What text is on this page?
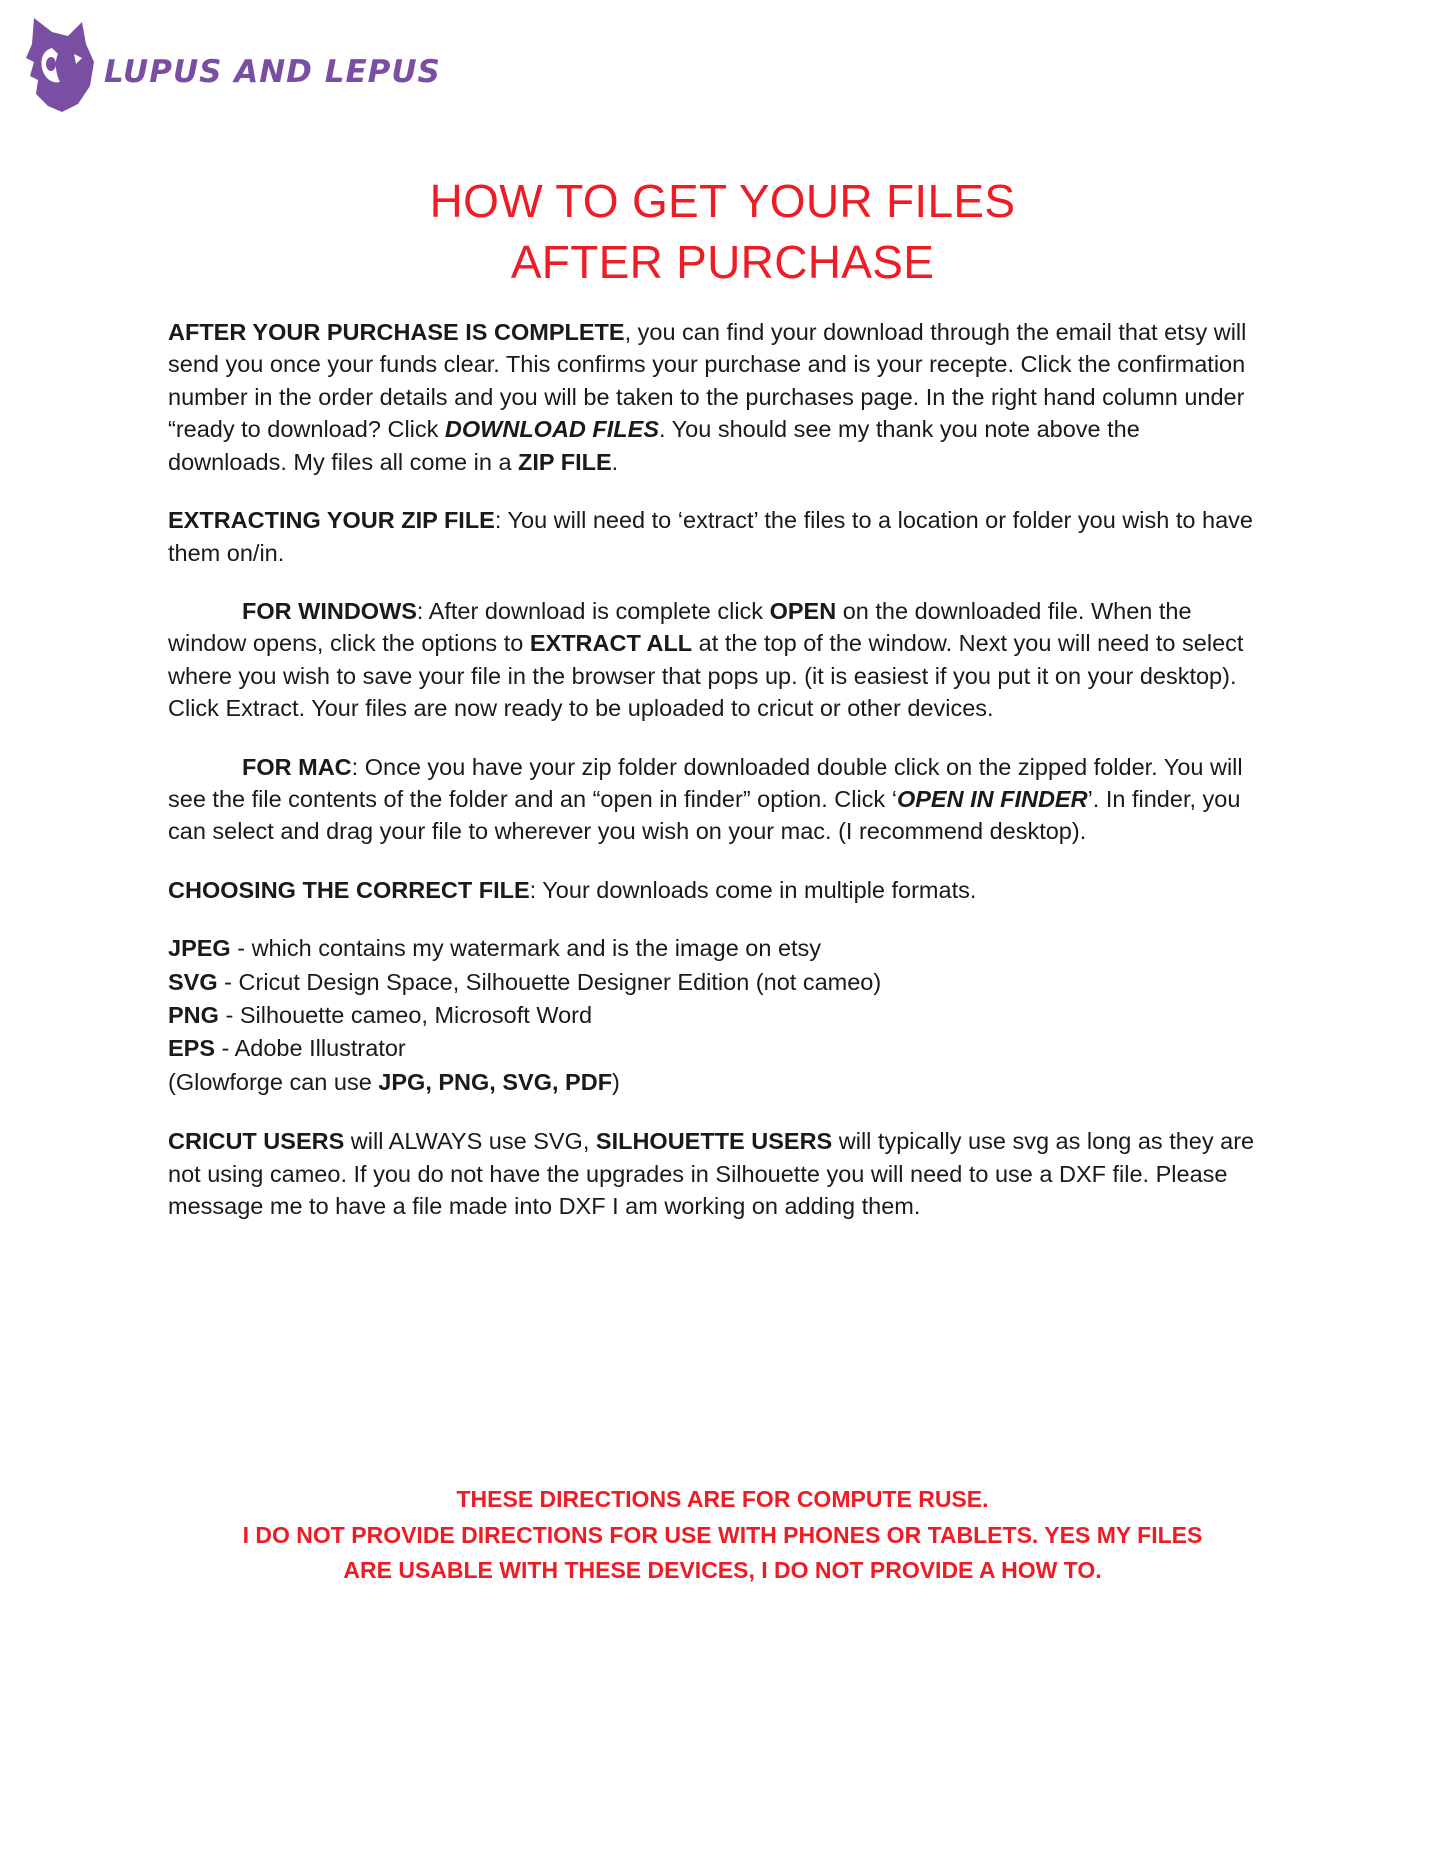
LUPUS AND LEPUS
HOW TO GET YOUR FILES
AFTER PURCHASE

AFTER YOUR PURCHASE IS COMPLETE, you can find your download through the email that etsy will send you once your funds clear. This confirms your purchase and is your recepte. Click the confirmation number in the order details and you will be taken to the purchases page. In the right hand column under “ready to download? Click DOWNLOAD FILES. You should see my thank you note above the downloads. My files all come in a ZIP FILE.

EXTRACTING YOUR ZIP FILE: You will need to ‘extract’ the files to a location or folder you wish to have them on/in.

FOR WINDOWS: After download is complete click OPEN on the downloaded file. When the window opens, click the options to EXTRACT ALL at the top of the window. Next you will need to select where you wish to save your file in the browser that pops up. (it is easiest if you put it on your desktop). Click Extract. Your files are now ready to be uploaded to cricut or other devices.

FOR MAC: Once you have your zip folder downloaded double click on the zipped folder. You will see the file contents of the folder and an “open in finder” option. Click ‘OPEN IN FINDER’. In finder, you can select and drag your file to wherever you wish on your mac. (I recommend desktop).

CHOOSING THE CORRECT FILE: Your downloads come in multiple formats.

JPEG - which contains my watermark and is the image on etsy
SVG - Cricut Design Space, Silhouette Designer Edition (not cameo)
PNG - Silhouette cameo, Microsoft Word
EPS - Adobe Illustrator
(Glowforge can use JPG, PNG, SVG, PDF)

CRICUT USERS will ALWAYS use SVG, SILHOUETTE USERS will typically use svg as long as they are not using cameo. If you do not have the upgrades in Silhouette you will need to use a DXF file. Please message me to have a file made into DXF I am working on adding them.

THESE DIRECTIONS ARE FOR COMPUTE RUSE.
I DO NOT PROVIDE DIRECTIONS FOR USE WITH PHONES OR TABLETS. YES MY FILES
ARE USABLE WITH THESE DEVICES, I DO NOT PROVIDE A HOW TO.
